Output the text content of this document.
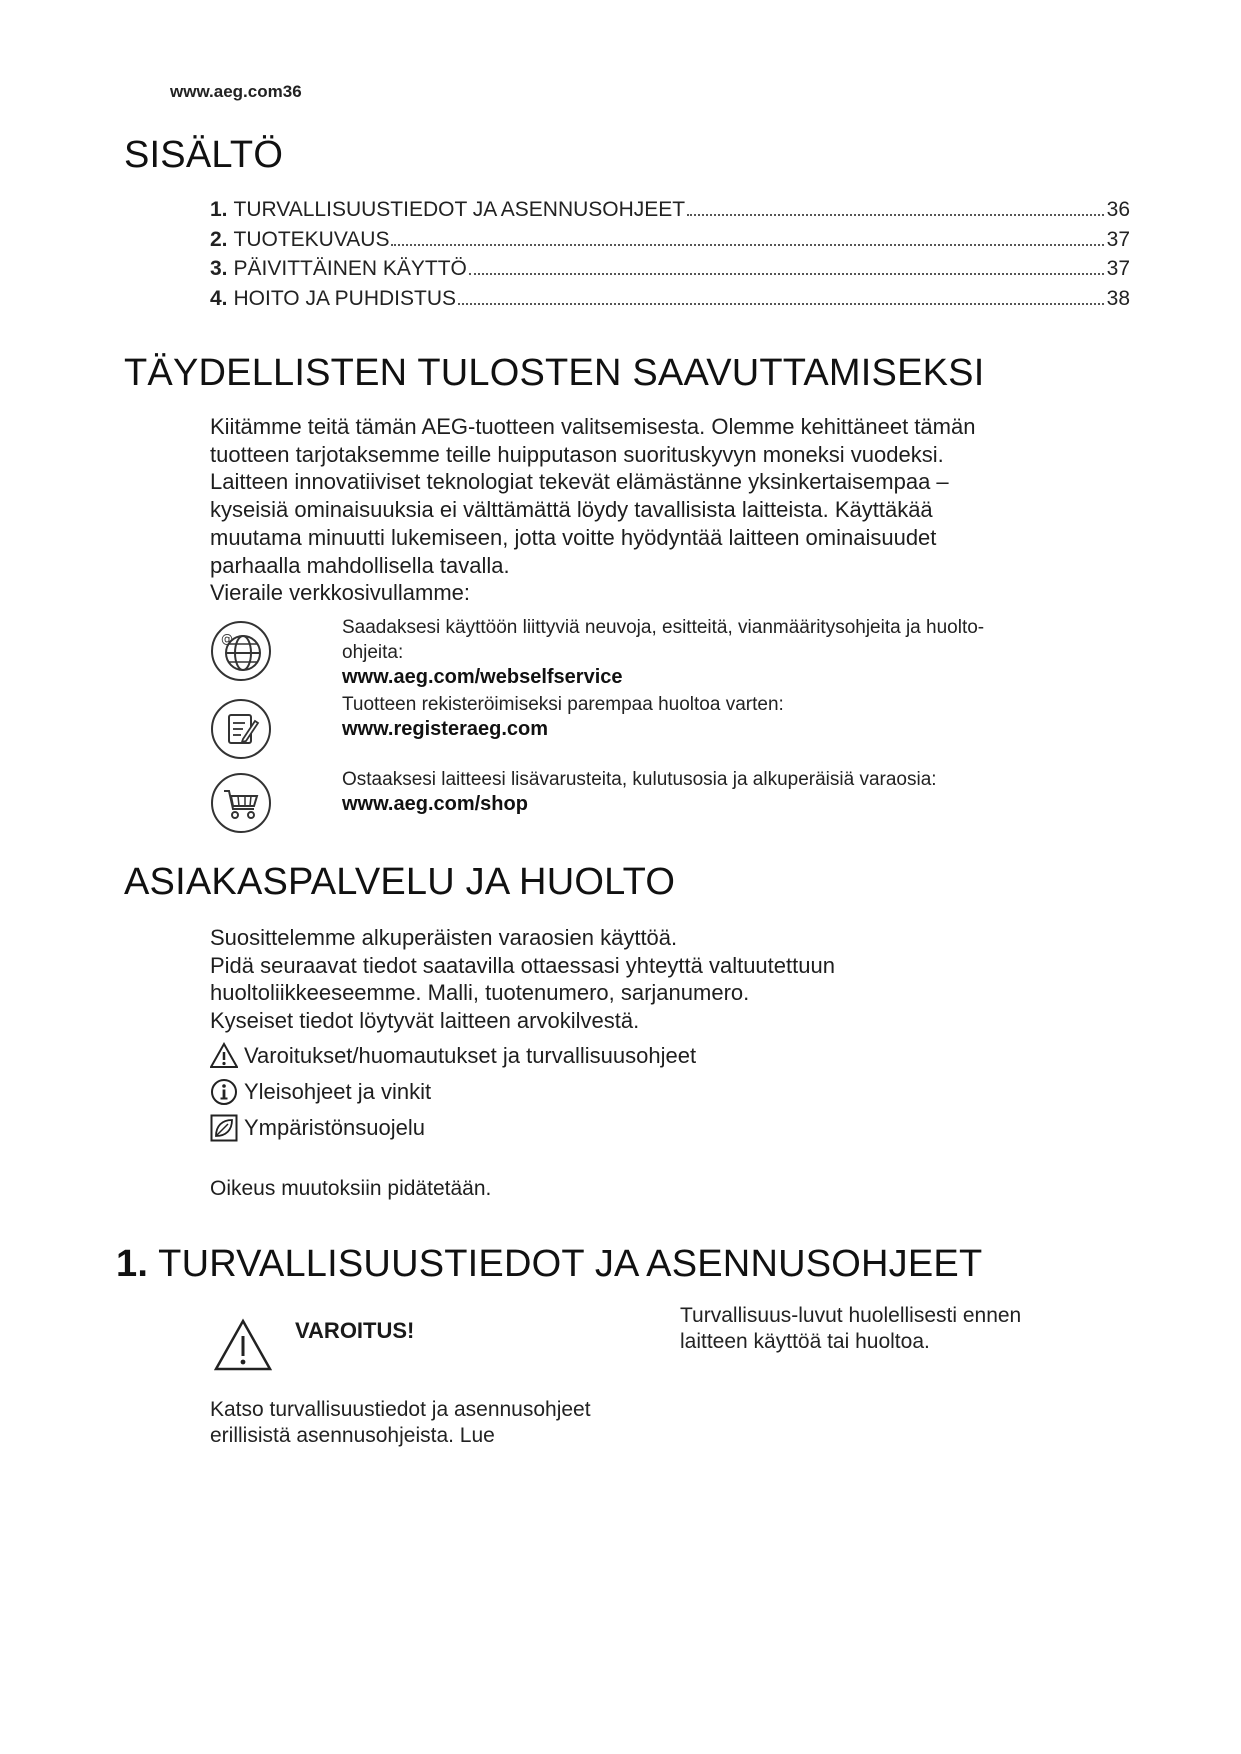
www.aeg.com36
SISÄLTÖ
1. TURVALLISUUSTIEDOT JA ASENNUSOHJEET	36
2. TUOTEKUVAUS	37
3. PÄIVITTÄINEN KÄYTTÖ	37
4. HOITO JA PUHDISTUS	38
TÄYDELLISTEN TULOSTEN SAAVUTTAMISEKSI

Kiitämme teitä tämän AEG-tuotteen valitsemisesta. Olemme kehittäneet tämän

tuotteen tarjotaksemme teille huipputason suorituskyvyn moneksi vuodeksi.

Laitteen innovatiiviset teknologiat tekevät elämästänne yksinkertaisempaa –

kyseisiä ominaisuuksia ei välttämättä löydy tavallisista laitteista. Käyttäkää

muutama minuutti lukemiseen, jotta voitte hyödyntää laitteen ominaisuudet

parhaalla mahdollisella tavalla.

Vieraile verkkosivullamme:

@
Saadaksesi käyttöön liittyviä neuvoja, esitteitä, vianmääritysohjeita ja huolto-
ohjeita:
www.aeg.com/webselfservice
Tuotteen rekisteröimiseksi parempaa huoltoa varten:
www.registeraeg.com
Ostaaksesi laitteesi lisävarusteita, kulutusosia ja alkuperäisiä varaosia:
www.aeg.com/shop
ASIAKASPALVELU JA HUOLTO

Suosittelemme alkuperäisten varaosien käyttöä.

Pidä seuraavat tiedot saatavilla ottaessasi yhteyttä valtuutettuun

huoltoliikkeeseemme. Malli, tuotenumero, sarjanumero.

Kyseiset tiedot löytyvät laitteen arvokilvestä.

Varoitukset/huomautukset ja turvallisuusohjeet
Yleisohjeet ja vinkit
Ympäristönsuojelu
Oikeus muutoksiin pidätetään.
1. TURVALLISUUSTIEDOT JA ASENNUSOHJEET
VAROITUS!

Katso turvallisuustiedot ja asennusohjeet

erillisistä asennusohjeista. Lue

Turvallisuus-luvut huolellisesti ennen

laitteen käyttöä tai huoltoa.
